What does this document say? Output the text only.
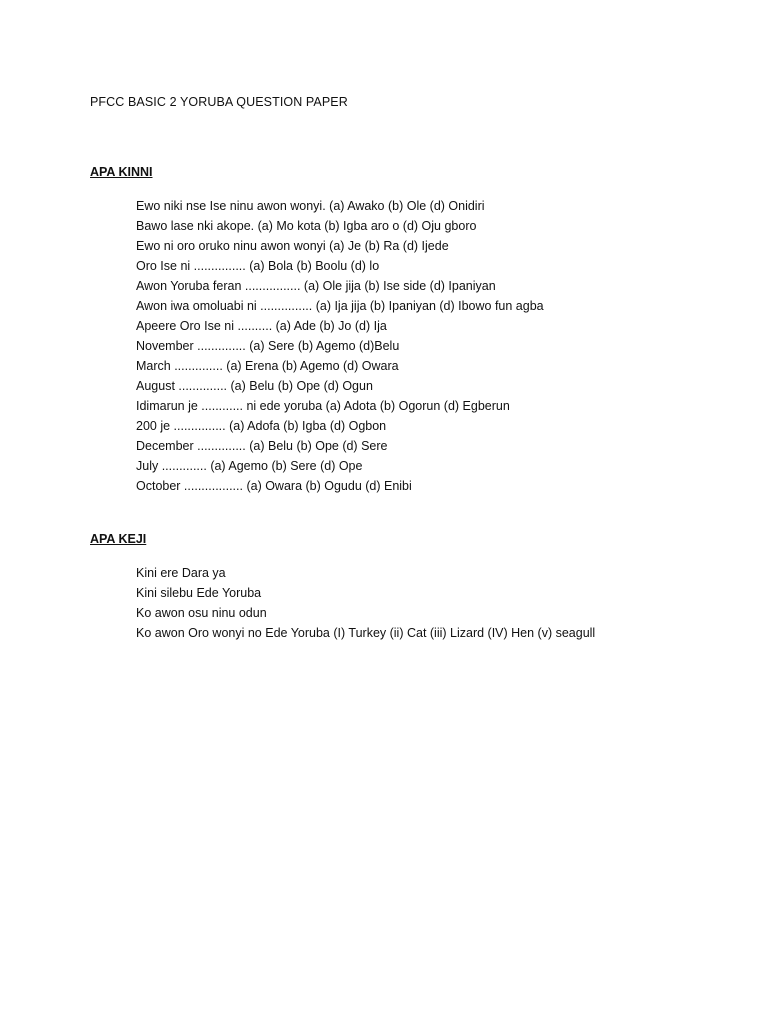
PFCC BASIC 2 YORUBA QUESTION PAPER
APA KINNI
Ewo niki nse Ise ninu awon wonyi. (a) Awako (b) Ole (d) Onidiri
Bawo lase nki akope. (a) Mo kota (b) Igba aro o (d) Oju gboro
Ewo ni oro oruko ninu awon wonyi (a) Je (b) Ra (d) Ijede
Oro Ise ni ............... (a) Bola (b) Boolu (d) lo
Awon Yoruba feran ................ (a) Ole jija (b) Ise side (d) Ipaniyan
Awon iwa omoluabi ni ............... (a) Ija jija (b) Ipaniyan (d) Ibowo fun agba
Apeere Oro Ise ni .......... (a) Ade (b) Jo (d) Ija
November .............. (a) Sere (b) Agemo (d)Belu
March .............. (a) Erena (b) Agemo (d) Owara
August .............. (a) Belu (b) Ope (d) Ogun
Idimarun je ............ ni ede yoruba (a) Adota (b) Ogorun (d) Egberun
200 je ............... (a) Adofa (b) Igba (d) Ogbon
December .............. (a) Belu (b) Ope (d) Sere
July ............. (a) Agemo (b) Sere (d) Ope
October ................. (a) Owara (b) Ogudu (d) Enibi
APA KEJI
Kini ere Dara ya
Kini silebu Ede Yoruba
Ko awon osu ninu odun
Ko awon Oro wonyi no Ede Yoruba (I) Turkey (ii) Cat (iii) Lizard (IV) Hen (v) seagull
